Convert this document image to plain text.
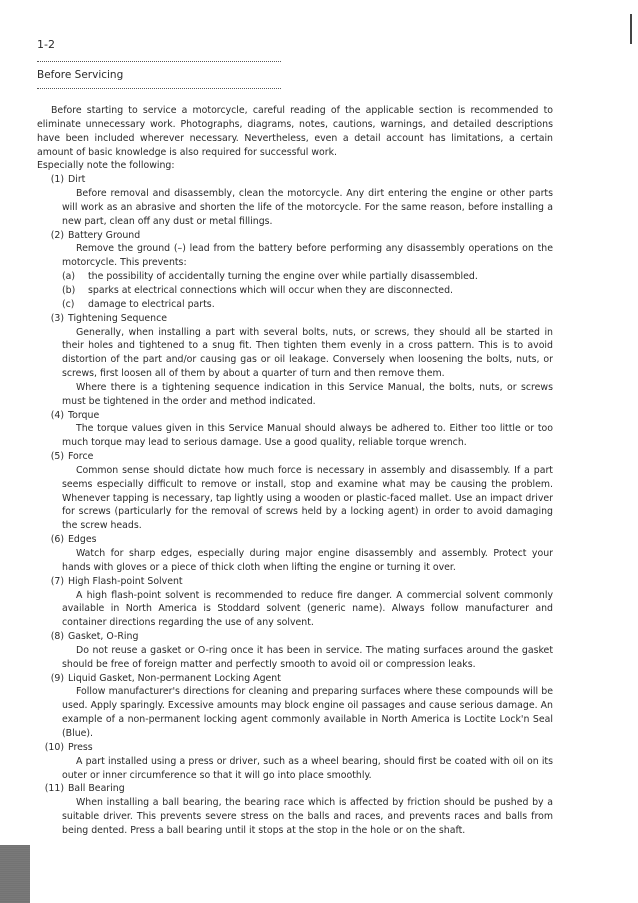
1-2
Before Servicing

Before starting to service a motorcycle, careful reading of the applicable section is recommended to eliminate unnecessary work. Photographs, diagrams, notes, cautions, warnings, and detailed descriptions have been included wherever necessary. Nevertheless, even a detail account has limitations, a certain amount of basic knowledge is also required for successful work.

Especially note the following:

(1) Dirt

Before removal and disassembly, clean the motorcycle. Any dirt entering the engine or other parts will work as an abrasive and shorten the life of the motorcycle. For the same reason, before installing a new part, clean off any dust or metal fillings.

(2) Battery Ground

Remove the ground (–) lead from the battery before performing any disassembly operations on the motorcycle. This prevents:

(a)	the possibility of accidentally turning the engine over while partially disassembled.
(b)	sparks at electrical connections which will occur when they are disconnected.
(c)	damage to electrical parts.

(3) Tightening Sequence

Generally, when installing a part with several bolts, nuts, or screws, they should all be started in their holes and tightened to a snug fit. Then tighten them evenly in a cross pattern. This is to avoid distortion of the part and/or causing gas or oil leakage. Conversely when loosening the bolts, nuts, or screws, first loosen all of them by about a quarter of turn and then remove them.

Where there is a tightening sequence indication in this Service Manual, the bolts, nuts, or screws must be tightened in the order and method indicated.

(4) Torque

The torque values given in this Service Manual should always be adhered to. Either too little or too much torque may lead to serious damage. Use a good quality, reliable torque wrench.

(5) Force

Common sense should dictate how much force is necessary in assembly and disassembly. If a part seems especially difficult to remove or install, stop and examine what may be causing the problem. Whenever tapping is necessary, tap lightly using a wooden or plastic-faced mallet. Use an impact driver for screws (particularly for the removal of screws held by a locking agent) in order to avoid damaging the screw heads.

(6) Edges

Watch for sharp edges, especially during major engine disassembly and assembly. Protect your hands with gloves or a piece of thick cloth when lifting the engine or turning it over.

(7) High Flash-point Solvent

A high flash-point solvent is recommended to reduce fire danger. A commercial solvent commonly available in North America is Stoddard solvent (generic name). Always follow manufacturer and container directions regarding the use of any solvent.

(8) Gasket, O-Ring

Do not reuse a gasket or O-ring once it has been in service. The mating surfaces around the gasket should be free of foreign matter and perfectly smooth to avoid oil or compression leaks.

(9) Liquid Gasket, Non-permanent Locking Agent

Follow manufacturer's directions for cleaning and preparing surfaces where these compounds will be used. Apply sparingly. Excessive amounts may block engine oil passages and cause serious damage. An example of a non-permanent locking agent commonly available in North America is Loctite Lock'n Seal (Blue).

(10) Press

A part installed using a press or driver, such as a wheel bearing, should first be coated with oil on its outer or inner circumference so that it will go into place smoothly.

(11) Ball Bearing

When installing a ball bearing, the bearing race which is affected by friction should be pushed by a suitable driver. This prevents severe stress on the balls and races, and prevents races and balls from being dented. Press a ball bearing until it stops at the stop in the hole or on the shaft.
